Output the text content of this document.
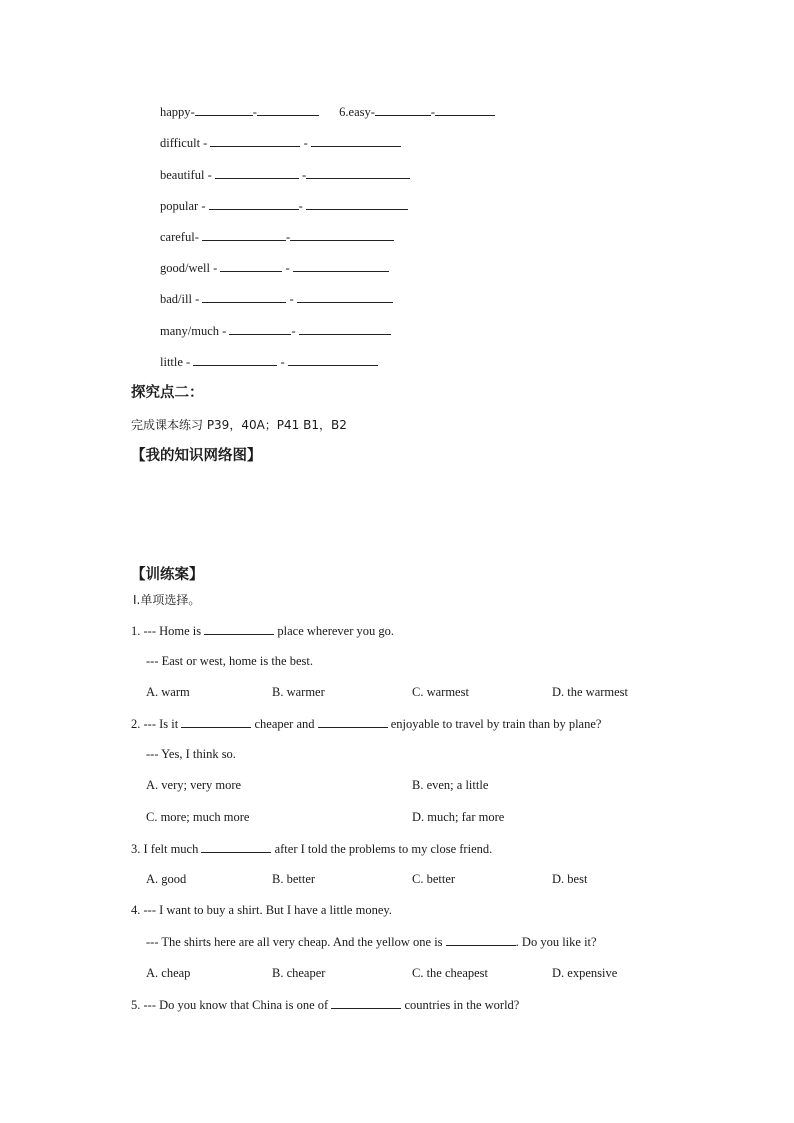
happy-	-	6.easy-	-
difficult -	-
beautiful -	-
popular -	-
careful-	-
good/well -	-
bad/ill -	-
many/much -	-
little -	-
探究点二：
完成课本练习 P39，40A；P41 B1，B2
【我的知识网络图】
【训练案】
Ⅰ.单项选择。
1. --- Home is	place wherever you go.
--- East or west, home is the best.
A. warm	B. warmer	C. warmest	D. the warmest
2. --- Is it	cheaper and	enjoyable to travel by train than by plane?
--- Yes, I think so.
A. very; very more	B. even; a little
C. more; much more	D. much; far more
3. I felt much	after I told the problems to my close friend.
A. good	B. better	C. better	D. best
4. --- I want to buy a shirt. But I have a little money.
--- The shirts here are all very cheap. And the yellow one is	. Do you like it?
A. cheap	B. cheaper	C. the cheapest	D. expensive
5. --- Do you know that China is one of	countries in the world?
